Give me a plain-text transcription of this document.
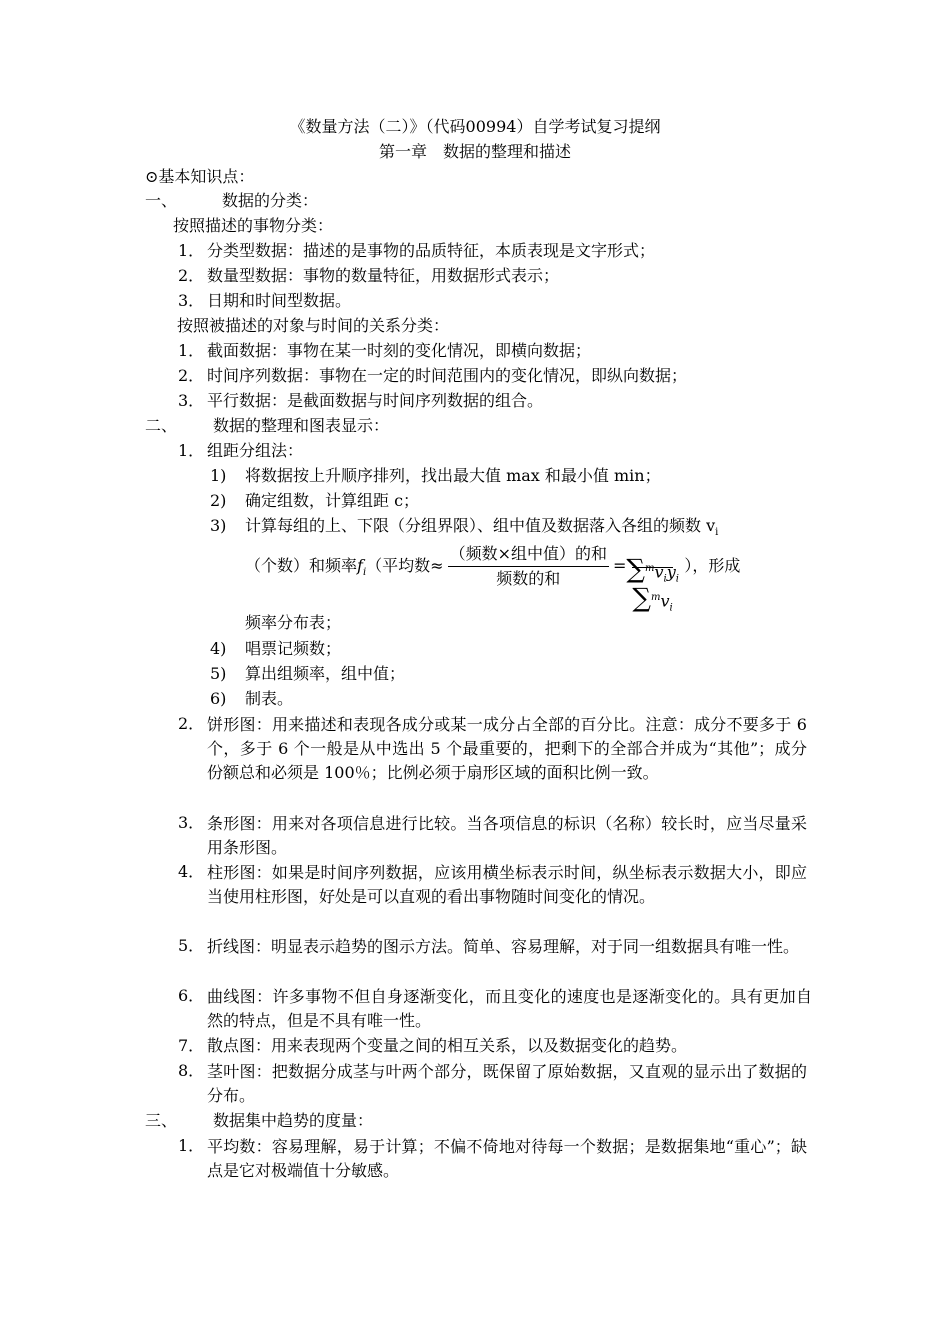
《数量方法（二）》（代码00994）自学考试复习提纲
第一章　数据的整理和描述
⊙基本知识点：
一、	数据的分类：
按照描述的事物分类：
1． 分类型数据：描述的是事物的品质特征，本质表现是文字形式；
2． 数量型数据：事物的数量特征，用数据形式表示；
3． 日期和时间型数据。
按照被描述的对象与时间的关系分类：
1． 截面数据：事物在某一时刻的变化情况，即横向数据；
2． 时间序列数据：事物在一定的时间范围内的变化情况，即纵向数据；
3． 平行数据：是截面数据与时间序列数据的组合。
二、 数据的整理和图表显示：
1． 组距分组法：
1) 将数据按上升顺序排列，找出最大值 max 和最小值 min；
2) 确定组数，计算组距 c；
3) 计算每组的上、下限（分组界限）、组中值及数据落入各组的频数 $v_i$
（个数）和频率$f_i$（平均数≈ $\frac{\text{（频数×组中值）的和}}{\text{频数的和}} = \sum^mv_iy_i$
$\sum^mv_i$
），形成
频率分布表；
4) 唱票记频数；
5) 算出组频率，组中值；
6) 制表。
2． 饼形图：用来描述和表现各成分或某一成分占全部的百分比。注意：成分不要多于 6 个，多于 6 个一般是从中选出 5 个最重要的，把剩下的全部合并成为“其他”；成分份额总和必须是 100％；比例必须于扇形区域的面积比例一致。
3． 条形图：用来对各项信息进行比较。当各项信息的标识（名称）较长时，应当尽量采用条形图。
4． 柱形图：如果是时间序列数据，应该用横坐标表示时间，纵坐标表示数据大小，即应当使用柱形图，好处是可以直观的看出事物随时间变化的情况。
5． 折线图：明显表示趋势的图示方法。简单、容易理解，对于同一组数据具有唯一性。
6． 曲线图：许多事物不但自身逐渐变化，而且变化的速度也是逐渐变化的。具有更加自然的特点，但是不具有唯一性。
7． 散点图：用来表现两个变量之间的相互关系，以及数据变化的趋势。
8． 茎叶图：把数据分成茎与叶两个部分，既保留了原始数据，又直观的显示出了数据的分布。
三、 数据集中趋势的度量：
1． 平均数：容易理解，易于计算；不偏不倚地对待每一个数据；是数据集地“重心”；缺点是它对极端值十分敏感。
